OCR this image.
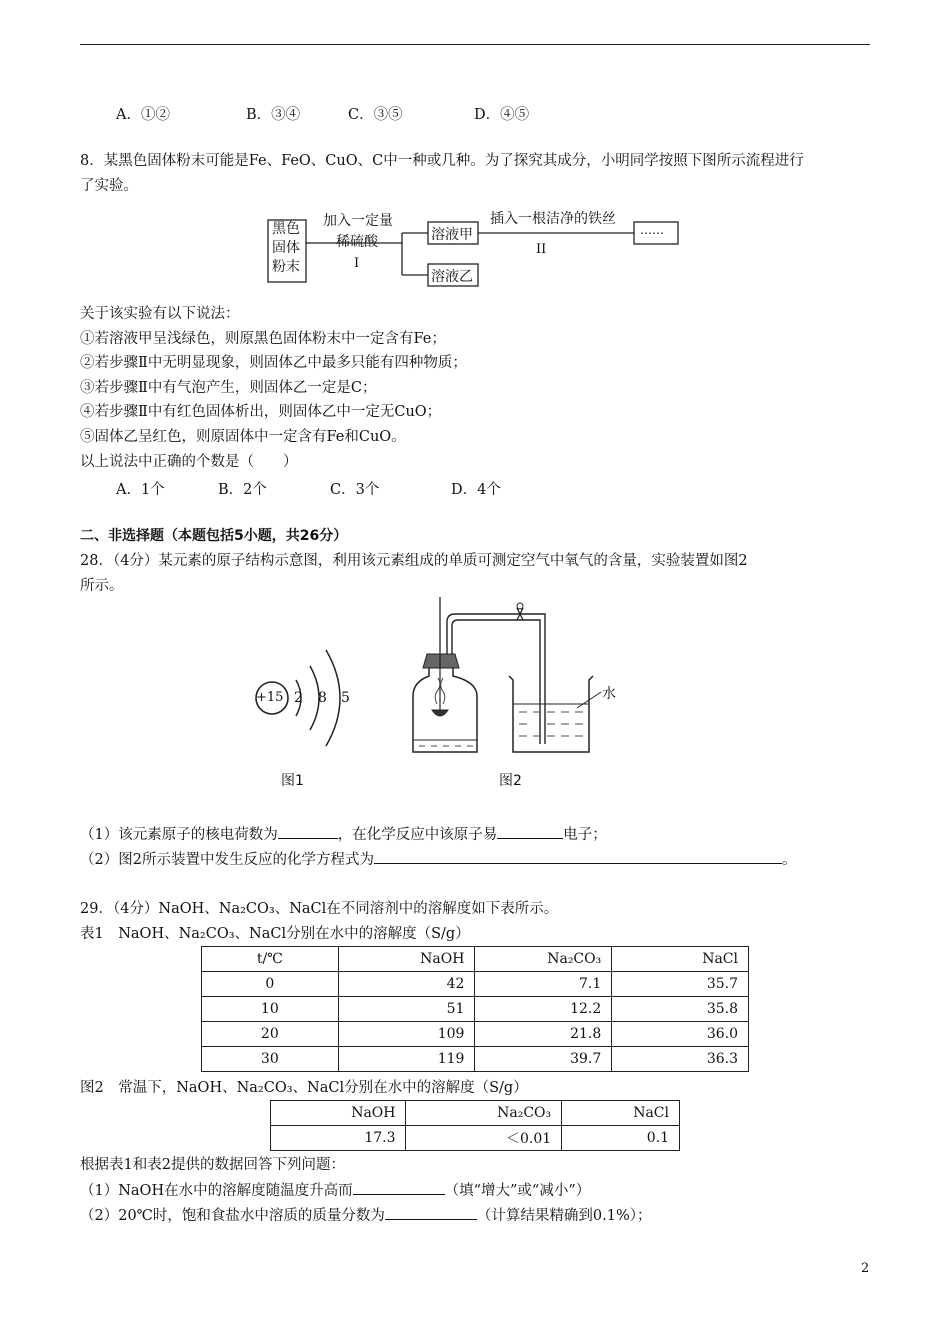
A．①②	B．③④	C．③⑤	D．④⑤
8．某黑色固体粉末可能是Fe、FeO、CuO、C中一种或几种。为了探究其成分，小明同学按照下图所示流程进行
了实验。
黑色
固体
粉末
加入一定量
稀硫酸
I
溶液甲
溶液乙
插入一根洁净的铁丝
II
……
关于该实验有以下说法：
①若溶液甲呈浅绿色，则原黑色固体粉末中一定含有Fe；
②若步骤Ⅱ中无明显现象，则固体乙中最多只能有四种物质；
③若步骤Ⅱ中有气泡产生，则固体乙一定是C；
④若步骤Ⅱ中有红色固体析出，则固体乙中一定无CuO；
⑤固体乙呈红色，则原固体中一定含有Fe和CuO。
以上说法中正确的个数是（　　）
A．1个	B．2个	C．3个	D．4个
二、非选择题（本题包括5小题，共26分）
28．（4分）某元素的原子结构示意图，利用该元素组成的单质可测定空气中氧气的含量，实验装置如图2
所示。
+15 2 8 5
图1
水
图2
（1）该元素原子的核电荷数为	，在化学反应中该原子易	电子；
（2）图2所示装置中发生反应的化学方程式为	。
29．（4分）NaOH、Na₂CO₃、NaCl在不同溶剂中的溶解度如下表所示。
表1　NaOH、Na₂CO₃、NaCl分别在水中的溶解度（S/g）
t/℃	NaOH	Na₂CO₃	NaCl
0	42	7.1	35.7
10	51	12.2	35.8
20	109	21.8	36.0
30	119	39.7	36.3
图2　常温下，NaOH、Na₂CO₃、NaCl分别在水中的溶解度（S/g）
NaOH	Na₂CO₃	NaCl
17.3	＜0.01	0.1
根据表1和表2提供的数据回答下列问题：
（1）NaOH在水中的溶解度随温度升高而	（填“增大”或“减小”）
（2）20℃时，饱和食盐水中溶质的质量分数为	（计算结果精确到0.1%）；
2
